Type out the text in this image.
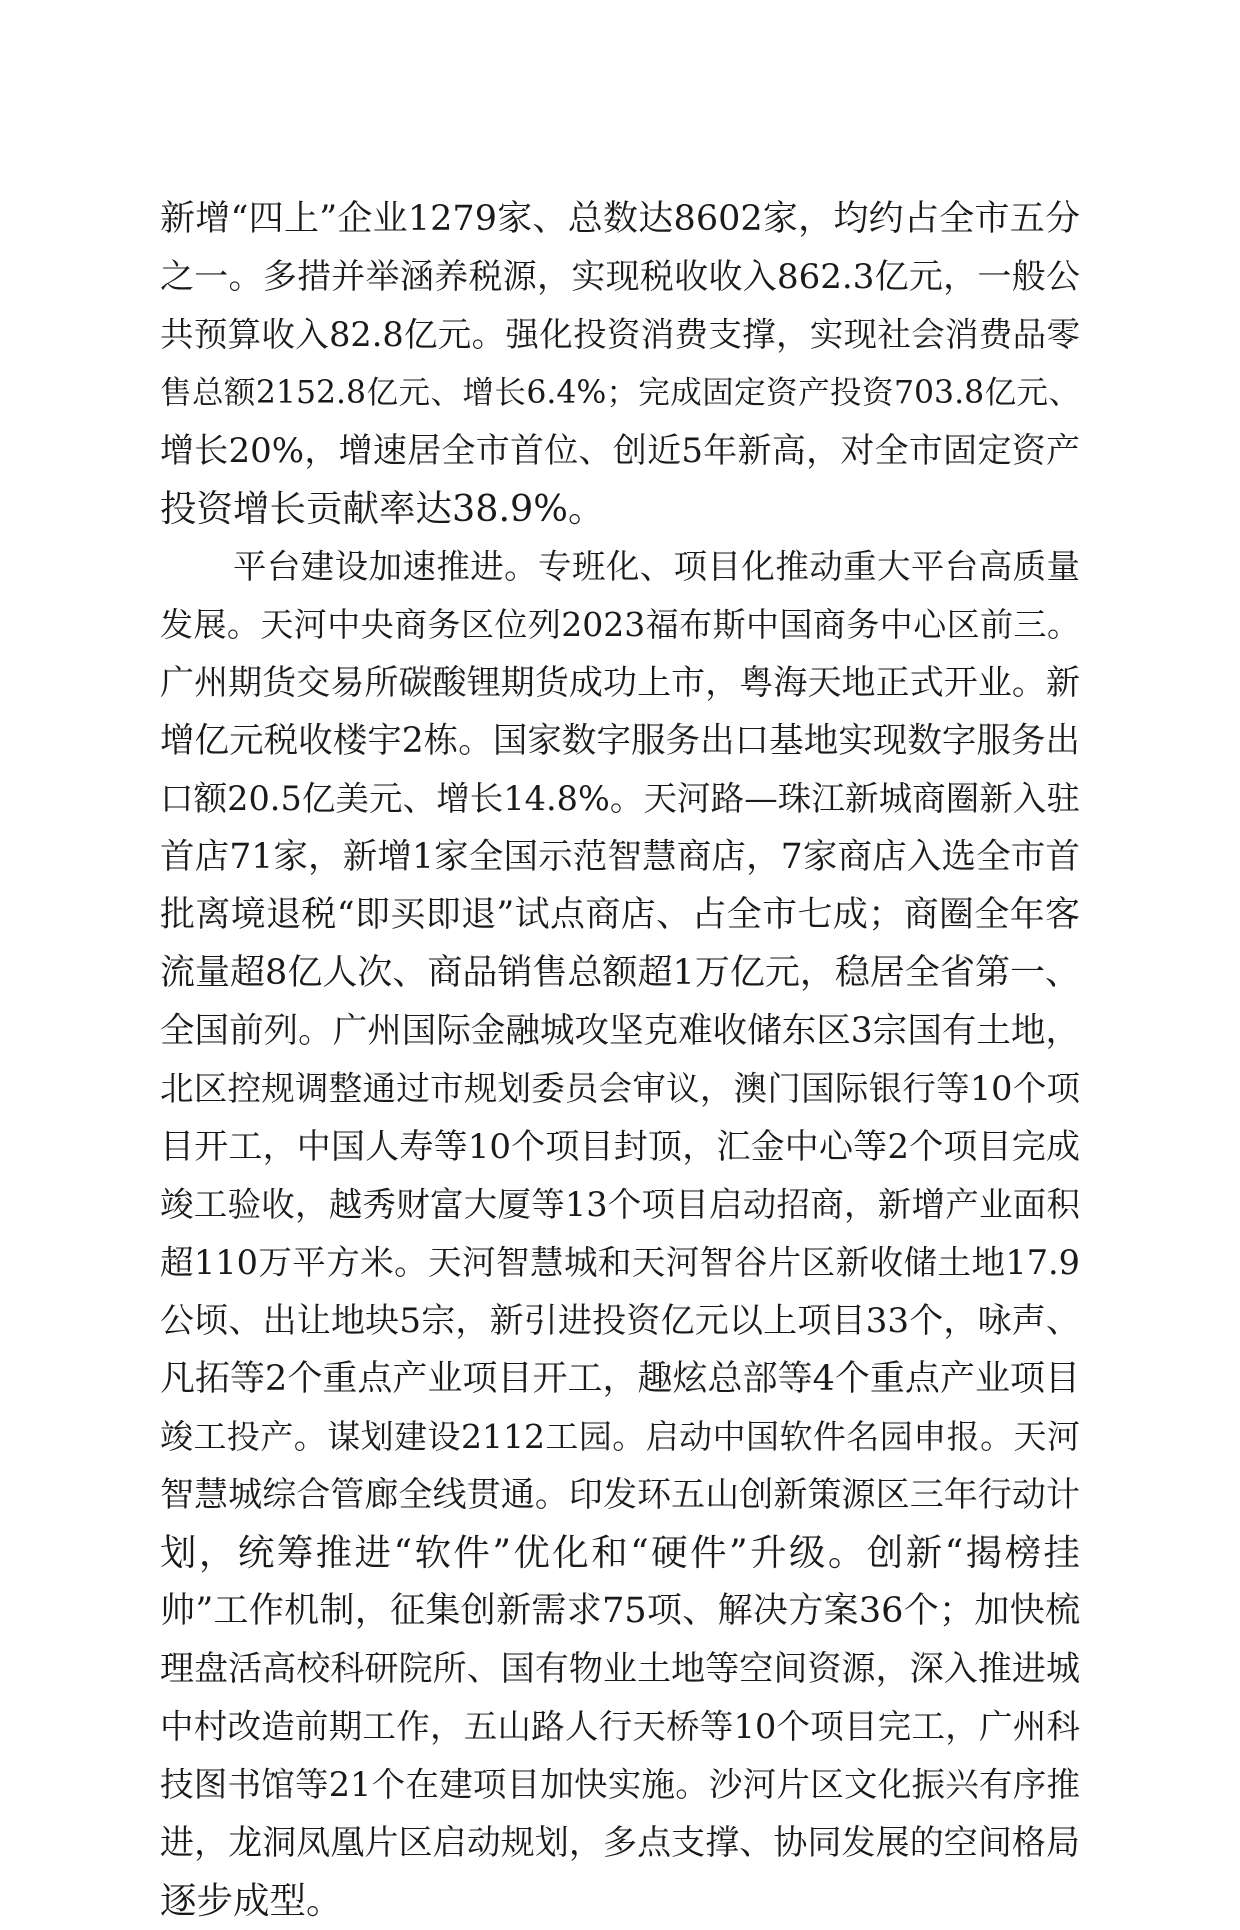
新增“四上”企业1279家、总数达8602家，均约占全市五分
之一。多措并举涵养税源，实现税收收入862.3亿元，一般公
共预算收入82.8亿元。强化投资消费支撑，实现社会消费品零
售总额2152.8亿元、增长6.4%；完成固定资产投资703.8亿元、
增长20%，增速居全市首位、创近5年新高，对全市固定资产
投资增长贡献率达38.9%。
平台建设加速推进。专班化、项目化推动重大平台高质量
发展。天河中央商务区位列2023福布斯中国商务中心区前三。
广州期货交易所碳酸锂期货成功上市，粤海天地正式开业。新
增亿元税收楼宇2栋。国家数字服务出口基地实现数字服务出
口额20.5亿美元、增长14.8%。天河路—珠江新城商圈新入驻
首店71家，新增1家全国示范智慧商店，7家商店入选全市首
批离境退税“即买即退”试点商店、占全市七成；商圈全年客
流量超8亿人次、商品销售总额超1万亿元，稳居全省第一、
全国前列。广州国际金融城攻坚克难收储东区3宗国有土地，
北区控规调整通过市规划委员会审议，澳门国际银行等10个项
目开工，中国人寿等10个项目封顶，汇金中心等2个项目完成
竣工验收，越秀财富大厦等13个项目启动招商，新增产业面积
超110万平方米。天河智慧城和天河智谷片区新收储土地17.9
公顷、出让地块5宗，新引进投资亿元以上项目33个，咏声、
凡拓等2个重点产业项目开工，趣炫总部等4个重点产业项目
竣工投产。谋划建设2112工园。启动中国软件名园申报。天河
智慧城综合管廊全线贯通。印发环五山创新策源区三年行动计
划，统筹推进“软件”优化和“硬件”升级。创新“揭榜挂
帅”工作机制，征集创新需求75项、解决方案36个；加快梳
理盘活高校科研院所、国有物业土地等空间资源，深入推进城
中村改造前期工作，五山路人行天桥等10个项目完工，广州科
技图书馆等21个在建项目加快实施。沙河片区文化振兴有序推
进，龙洞凤凰片区启动规划，多点支撑、协同发展的空间格局
逐步成型。
